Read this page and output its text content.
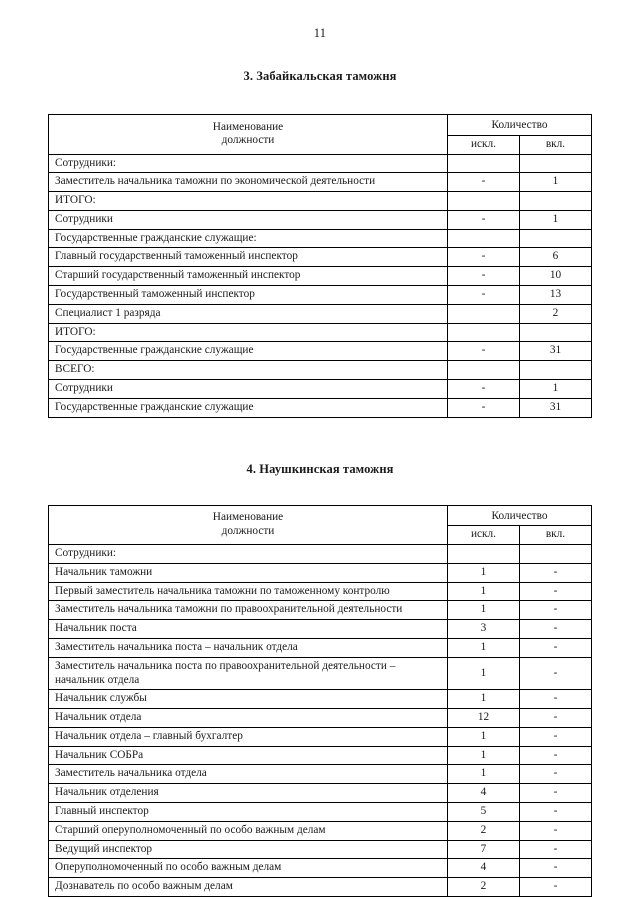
11
3. Забайкальская таможня
Наименование
должности	Количество	
	искл.	вкл.
Сотрудники:		
Заместитель начальника таможни по экономической деятельности	-	1
ИТОГО:		
Сотрудники	-	1
Государственные гражданские служащие:		
Главный государственный таможенный инспектор	-	6
Старший государственный таможенный инспектор	-	10
Государственный таможенный инспектор	-	13
Специалист 1 разряда		2
ИТОГО:		
Государственные гражданские служащие	-	31
ВСЕГО:		
Сотрудники	-	1
Государственные гражданские служащие	-	31
4. Наушкинская таможня
Наименование
должности	Количество	
	искл.	вкл.
Сотрудники:		
Начальник таможни	1	-
Первый заместитель начальника таможни по таможенному контролю	1	-
Заместитель начальника таможни по правоохранительной деятельности	1	-
Начальник поста	3	-
Заместитель начальника поста – начальник отдела	1	-
Заместитель начальника поста по правоохранительной деятельности – начальник отдела	1	-
Начальник службы	1	-
Начальник отдела	12	-
Начальник отдела – главный бухгалтер	1	-
Начальник СОБРа	1	-
Заместитель начальника отдела	1	-
Начальник отделения	4	-
Главный инспектор	5	-
Старший оперуполномоченный по особо важным делам	2	-
Ведущий инспектор	7	-
Оперуполномоченный по особо важным делам	4	-
Дознаватель по особо важным делам	2	-
